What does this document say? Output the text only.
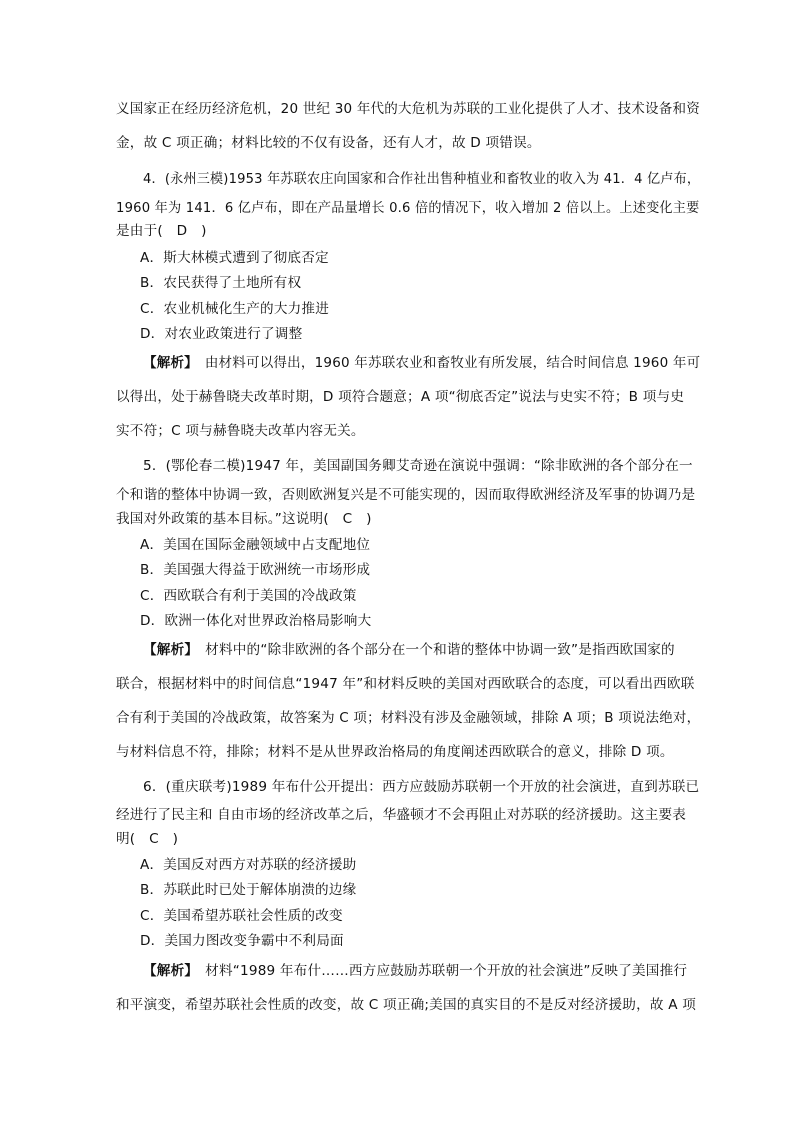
义国家正在经历经济危机，20 世纪 30 年代的大危机为苏联的工业化提供了人才、技术设备和资
金，故 C 项正确；材料比较的不仅有设备，还有人才，故 D 项错误。
4．(永州三模)1953 年苏联农庄向国家和合作社出售种植业和畜牧业的收入为 41．4 亿卢布，
1960 年为 141．6 亿卢布，即在产品量增长 0.6 倍的情况下，收入增加 2 倍以上。上述变化主要
是由于(　D　)
A．斯大林模式遭到了彻底否定
B．农民获得了土地所有权
C．农业机械化生产的大力推进
D．对农业政策进行了调整
【解析】　由材料可以得出，1960 年苏联农业和畜牧业有所发展，结合时间信息 1960 年可
以得出，处于赫鲁晓夫改革时期，D 项符合题意；A 项“彻底否定”说法与史实不符；B 项与史
实不符；C 项与赫鲁晓夫改革内容无关。
5．(鄂伦春二模)1947 年，美国副国务卿艾奇逊在演说中强调：“除非欧洲的各个部分在一
个和谐的整体中协调一致，否则欧洲复兴是不可能实现的，因而取得欧洲经济及军事的协调乃是
我国对外政策的基本目标。”这说明(　C　)
A．美国在国际金融领域中占支配地位
B．美国强大得益于欧洲统一市场形成
C．西欧联合有利于美国的冷战政策
D．欧洲一体化对世界政治格局影响大
【解析】　材料中的“除非欧洲的各个部分在一个和谐的整体中协调一致”是指西欧国家的
联合，根据材料中的时间信息“1947 年”和材料反映的美国对西欧联合的态度，可以看出西欧联
合有利于美国的冷战政策，故答案为 C 项；材料没有涉及金融领域，排除 A 项；B 项说法绝对，
与材料信息不符，排除；材料不是从世界政治格局的角度阐述西欧联合的意义，排除 D 项。
6．(重庆联考)1989 年布什公开提出：西方应鼓励苏联朝一个开放的社会演进，直到苏联已
经进行了民主和 自由市场的经济改革之后，华盛顿才不会再阻止对苏联的经济援助。这主要表
明(　C　)
A．美国反对西方对苏联的经济援助
B．苏联此时已处于解体崩溃的边缘
C．美国希望苏联社会性质的改变
D．美国力图改变争霸中不利局面
【解析】　材料“1989 年布什……西方应鼓励苏联朝一个开放的社会演进”反映了美国推行
和平演变，希望苏联社会性质的改变，故 C 项正确;美国的真实目的不是反对经济援助，故 A 项
